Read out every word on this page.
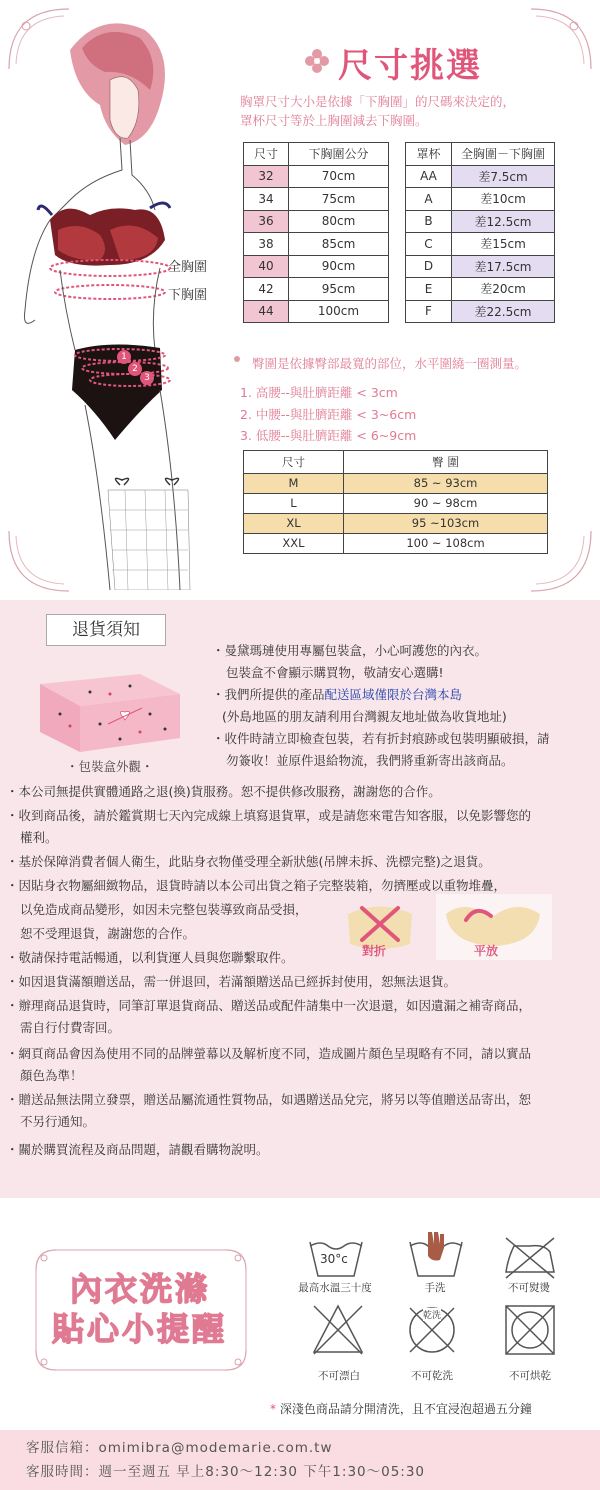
1
2
3
全胸圍
下胸圍
尺寸挑選
胸罩尺寸大小是依據「下胸圍」的尺碼來決定的，
罩杯尺寸等於上胸圍減去下胸圍。
尺寸	下胸圍公分
32	70cm
34	75cm
36	80cm
38	85cm
40	90cm
42	95cm
44	100cm
罩杯	全胸圍－下胸圍
AA	差7.5cm
A	差10cm
B	差12.5cm
C	差15cm
D	差17.5cm
E	差20cm
F	差22.5cm
臀圍是依據臀部最寬的部位，水平圍繞一圈測量。
1. 高腰--與肚臍距離 < 3cm
2. 中腰--與肚臍距離 < 3~6cm
3. 低腰--與肚臍距離 < 6~9cm
尺寸	臀 圍
M	85 ~ 93cm
L	90 ~ 98cm
XL	95 ~103cm
XXL	100 ~ 108cm
退貨須知
・包裝盒外觀・
・曼黛瑪璉使用專屬包裝盒，小心呵護您的內衣。
包裝盒不會顯示購買物，敬請安心選購!
・我們所提供的產品配送區域僅限於台灣本島
(外島地區的朋友請利用台灣親友地址做為收貨地址)
・收件時請立即檢查包裝，若有折封痕跡或包裝明顯破損，請
勿簽收！並原件退給物流，我們將重新寄出該商品。
・本公司無提供實體通路之退(換)貨服務。恕不提供修改服務，謝謝您的合作。
・收到商品後，請於鑑賞期七天內完成線上填寫退貨單，或是請您來電告知客服，以免影響您的
權利。
・基於保障消費者個人衛生，此貼身衣物僅受理全新狀態(吊牌未拆、洗標完整)之退貨。
・因貼身衣物屬細緻物品，退貨時請以本公司出貨之箱子完整裝箱，勿擠壓或以重物堆疊，
以免造成商品變形，如因未完整包裝導致商品受損，
恕不受理退貨，謝謝您的合作。
・敬請保持電話暢通，以利貨運人員與您聯繫取件。
・如因退貨滿額贈送品，需一併退回，若滿額贈送品已經拆封使用，恕無法退貨。
・辦理商品退貨時，同筆訂單退貨商品、贈送品或配件請集中一次退還，如因遺漏之補寄商品，
需自行付費寄回。
・網頁商品會因為使用不同的品牌螢幕以及解析度不同，造成圖片顏色呈現略有不同，請以實品
顏色為準！
・贈送品無法開立發票，贈送品屬流通性質物品，如遇贈送品兌完，將另以等值贈送品寄出，恕
不另行通知。
・關於購買流程及商品問題，請觀看購物說明。
對折	平放
內衣洗滌
貼心小提醒
30°c
最高水溫三十度	手洗	不可熨燙
不可漂白
乾洗
不可乾洗	不可烘乾
* 深淺色商品請分開清洗，且不宜浸泡超過五分鐘
客服信箱：omimibra@modemarie.com.tw
客服時間：週一至週五 早上8:30～12:30 下午1:30～05:30
